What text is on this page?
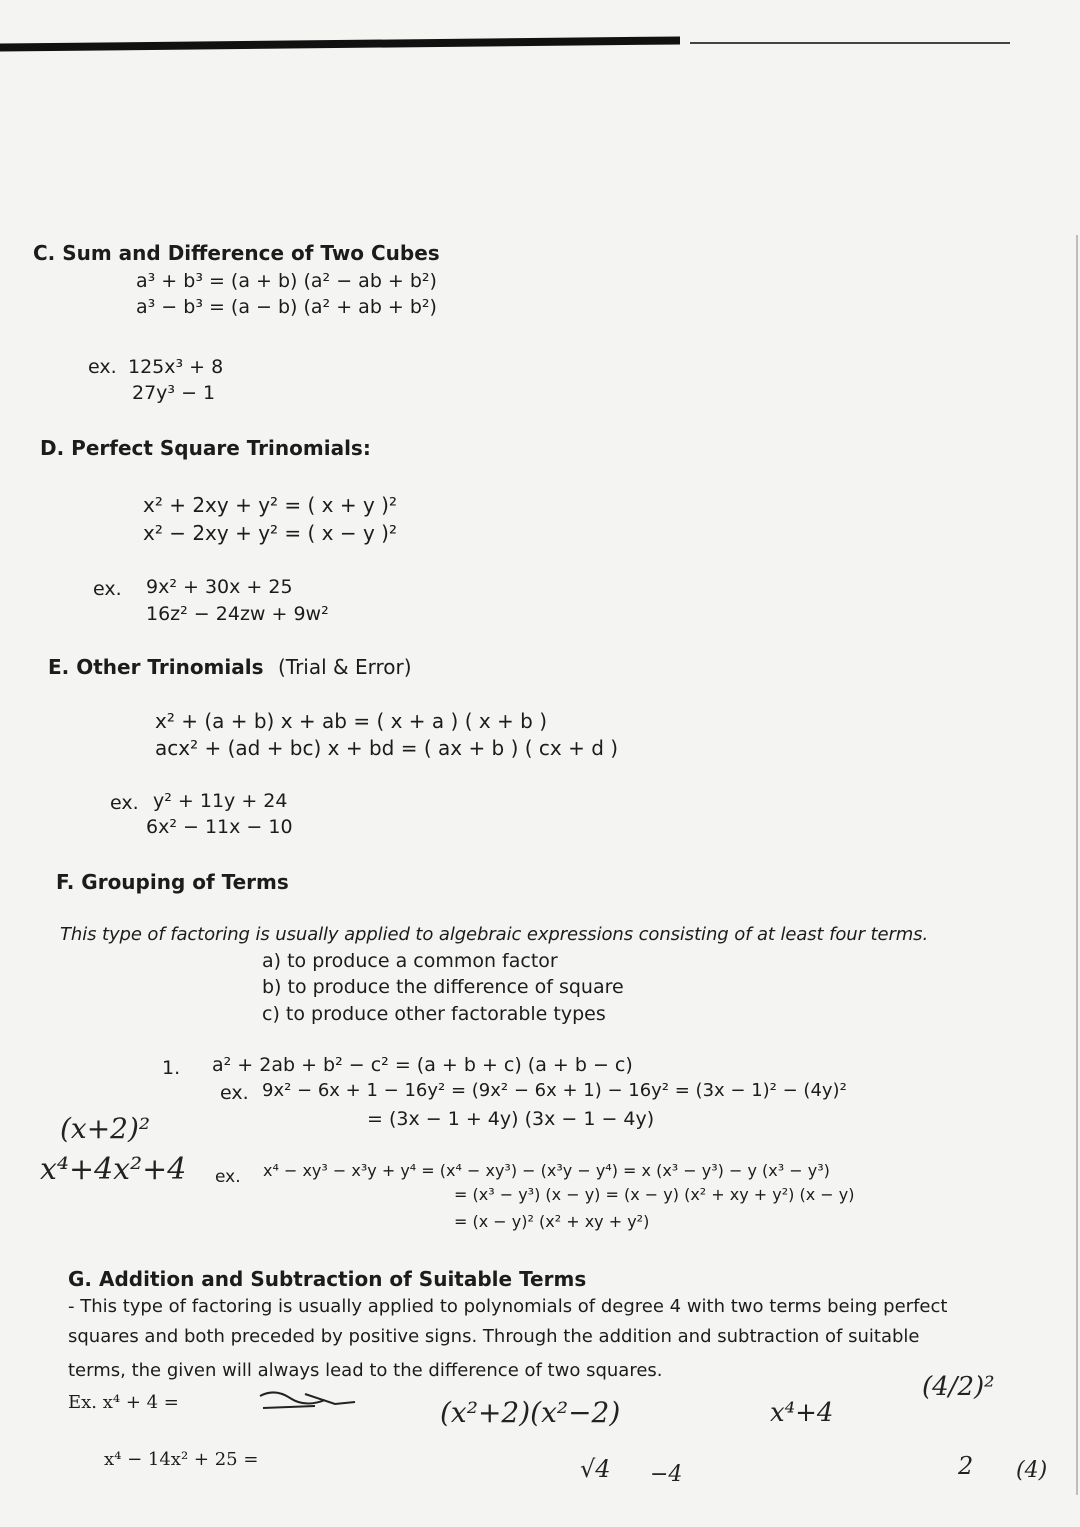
C. Sum and Difference of Two Cubes
a³ + b³ = (a + b) (a² − ab + b²)
a³ − b³ = (a − b) (a² + ab + b²)
ex. 125x³ + 8
27y³ − 1
D. Perfect Square Trinomials:
x² + 2xy + y² = ( x + y )²
x² − 2xy + y² = ( x − y )²
ex. 9x² + 30x + 25
16z² − 24zw + 9w²
E. Other Trinomials (Trial & Error)
x² + (a + b) x + ab = ( x + a ) ( x + b )
acx² + (ad + bc) x + bd = ( ax + b ) ( cx + d )
ex. y² + 11y + 24
6x² − 11x − 10
F. Grouping of Terms
This type of factoring is usually applied to algebraic expressions consisting of at least four terms.
a) to produce a common factor
b) to produce the difference of square
c) to produce other factorable types
1. a² + 2ab + b² − c² = (a + b + c) (a + b − c)
ex. 9x² − 6x + 1 − 16y² = (9x² − 6x + 1) − 16y² = (3x − 1)² − (4y)²
= (3x − 1 + 4y) (3x − 1 − 4y)
ex. x⁴ − xy³ − x³y + y⁴ = (x⁴ − xy³) − (x³y − y⁴) = x (x³ − y³) − y (x³ − y³)
= (x³ − y³) (x − y) = (x − y) (x² + xy + y²) (x − y)
= (x − y)² (x² + xy + y²)
G. Addition and Subtraction of Suitable Terms
- This type of factoring is usually applied to polynomials of degree 4 with two terms being perfect
squares and both preceded by positive signs. Through the addition and subtraction of suitable
terms, the given will always lead to the difference of two squares.
Ex. x⁴ + 4 =
x⁴ − 14x² + 25 =
(x+2)²
x⁴+4x²+4
(x²+2)(x²−2)	x⁴+4
(4/2)²
√4 −4	2 (4)
